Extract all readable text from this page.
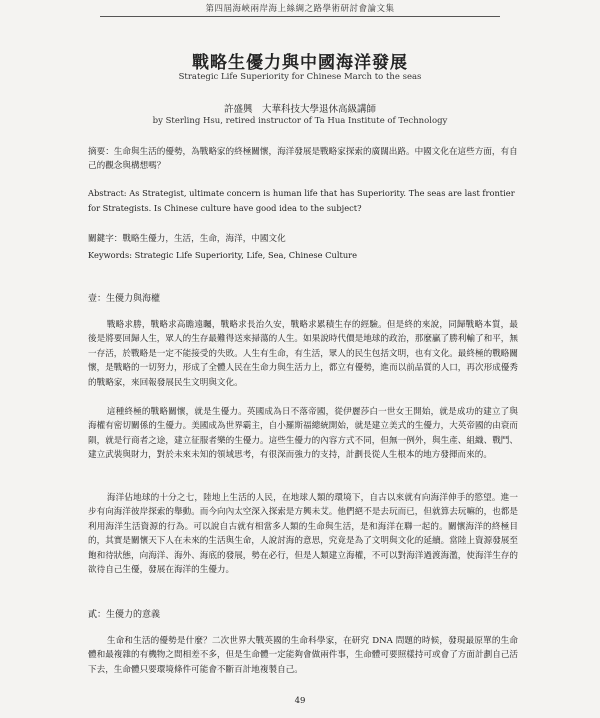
第四屆海峽兩岸海上絲綢之路學術研討會論文集
戰略生優力與中國海洋發展
Strategic Life Superiority for Chinese March to the seas
許盛興　大華科技大學退休高級講師
by Sterling Hsu, retired instructor of Ta Hua Institute of Technology

摘要：生命與生活的優勢，為戰略家的終極關懷，海洋發展是戰略家探索的廣闊出路。中國文化在這些方面，有自己的觀念與構想嗎？

Abstract: As Strategist, ultimate concern is human life that has Superiority. The seas are last frontier for Strategists. Is Chinese culture have good idea to the subject?

關鍵字：戰略生優力，生活，生命，海洋，中國文化

Keywords: Strategic Life Superiority, Life, Sea, Chinese Culture

壹：生優力與海權

戰略求勝，戰略求高瞻遠矚，戰略求長治久安，戰略求累積生存的經驗。但是終的來說，同歸戰略本質，最後是將要回歸人生，眾人的生存最難得送來掃蕩的人生。如果說時代價是地球的政治，那麼贏了勝利輸了和平，無一存活，於戰略是一定不能接受的失敗。人生有生命，有生活，眾人的民生包括文明，也有文化。最終極的戰略關懷，是戰略的一切努力，形成了全體人民在生命力與生活力上，都立有優勢，進而以前品質的人口，再次形成優秀的戰略家，來回報發展民生文明與文化。

這種終極的戰略關懷，就是生優力。英國成為日不落帝國，從伊麗莎白一世女王開始，就是成功的建立了與海權有密切關係的生優力。美國成為世界霸主，自小羅斯福總統開始，就是建立美式的生優力，大英帝國的由衰而隕，就是行商者之途，建立征服者樂的生優力。這些生優力的內容方式不同，但無一例外，與生產、組織、戰鬥、建立武裝與財力，對於未來未知的領域思考，有很深而強力的支持，計劃長從人生根本的地方發揮而來的。

海洋佔地球的十分之七，陸地上生活的人民，在地球人類的環境下，自古以來就有向海洋伸手的慾望。進一步有向海洋彼岸探索的舉動。而今向內太空深入探索是方興未艾。他們絕不是去玩而已，但就算去玩嘛的，也都是利用海洋生活資源的行為。可以說自古就有相當多人類的生命與生活，是和海洋在聯一起的。關懷海洋的終極目的，其實是關懷天下人在未來的生活與生命，人說討海的意思，究竟是為了文明與文化的延續。當陸上資源發展至飽和待狀態，向海洋、海外、海底的發展，勢在必行，但是人類建立海權，不可以對海洋過渡海濫，使海洋生存的欲待自己生優，發展在海洋的生優力。

貳：生優力的意義

生命和生活的優勢是什麼？二次世界大戰英國的生命科學家，在研究 DNA 問題的時候，發現最原單的生命體和最複雜的有機物之間相差不多，但是生命體一定能夠會做兩件事，生命體可要照樣持可或會了方面計劃自己活下去，生命體只要環境條件可能會不斷百計地複製自己。

49
